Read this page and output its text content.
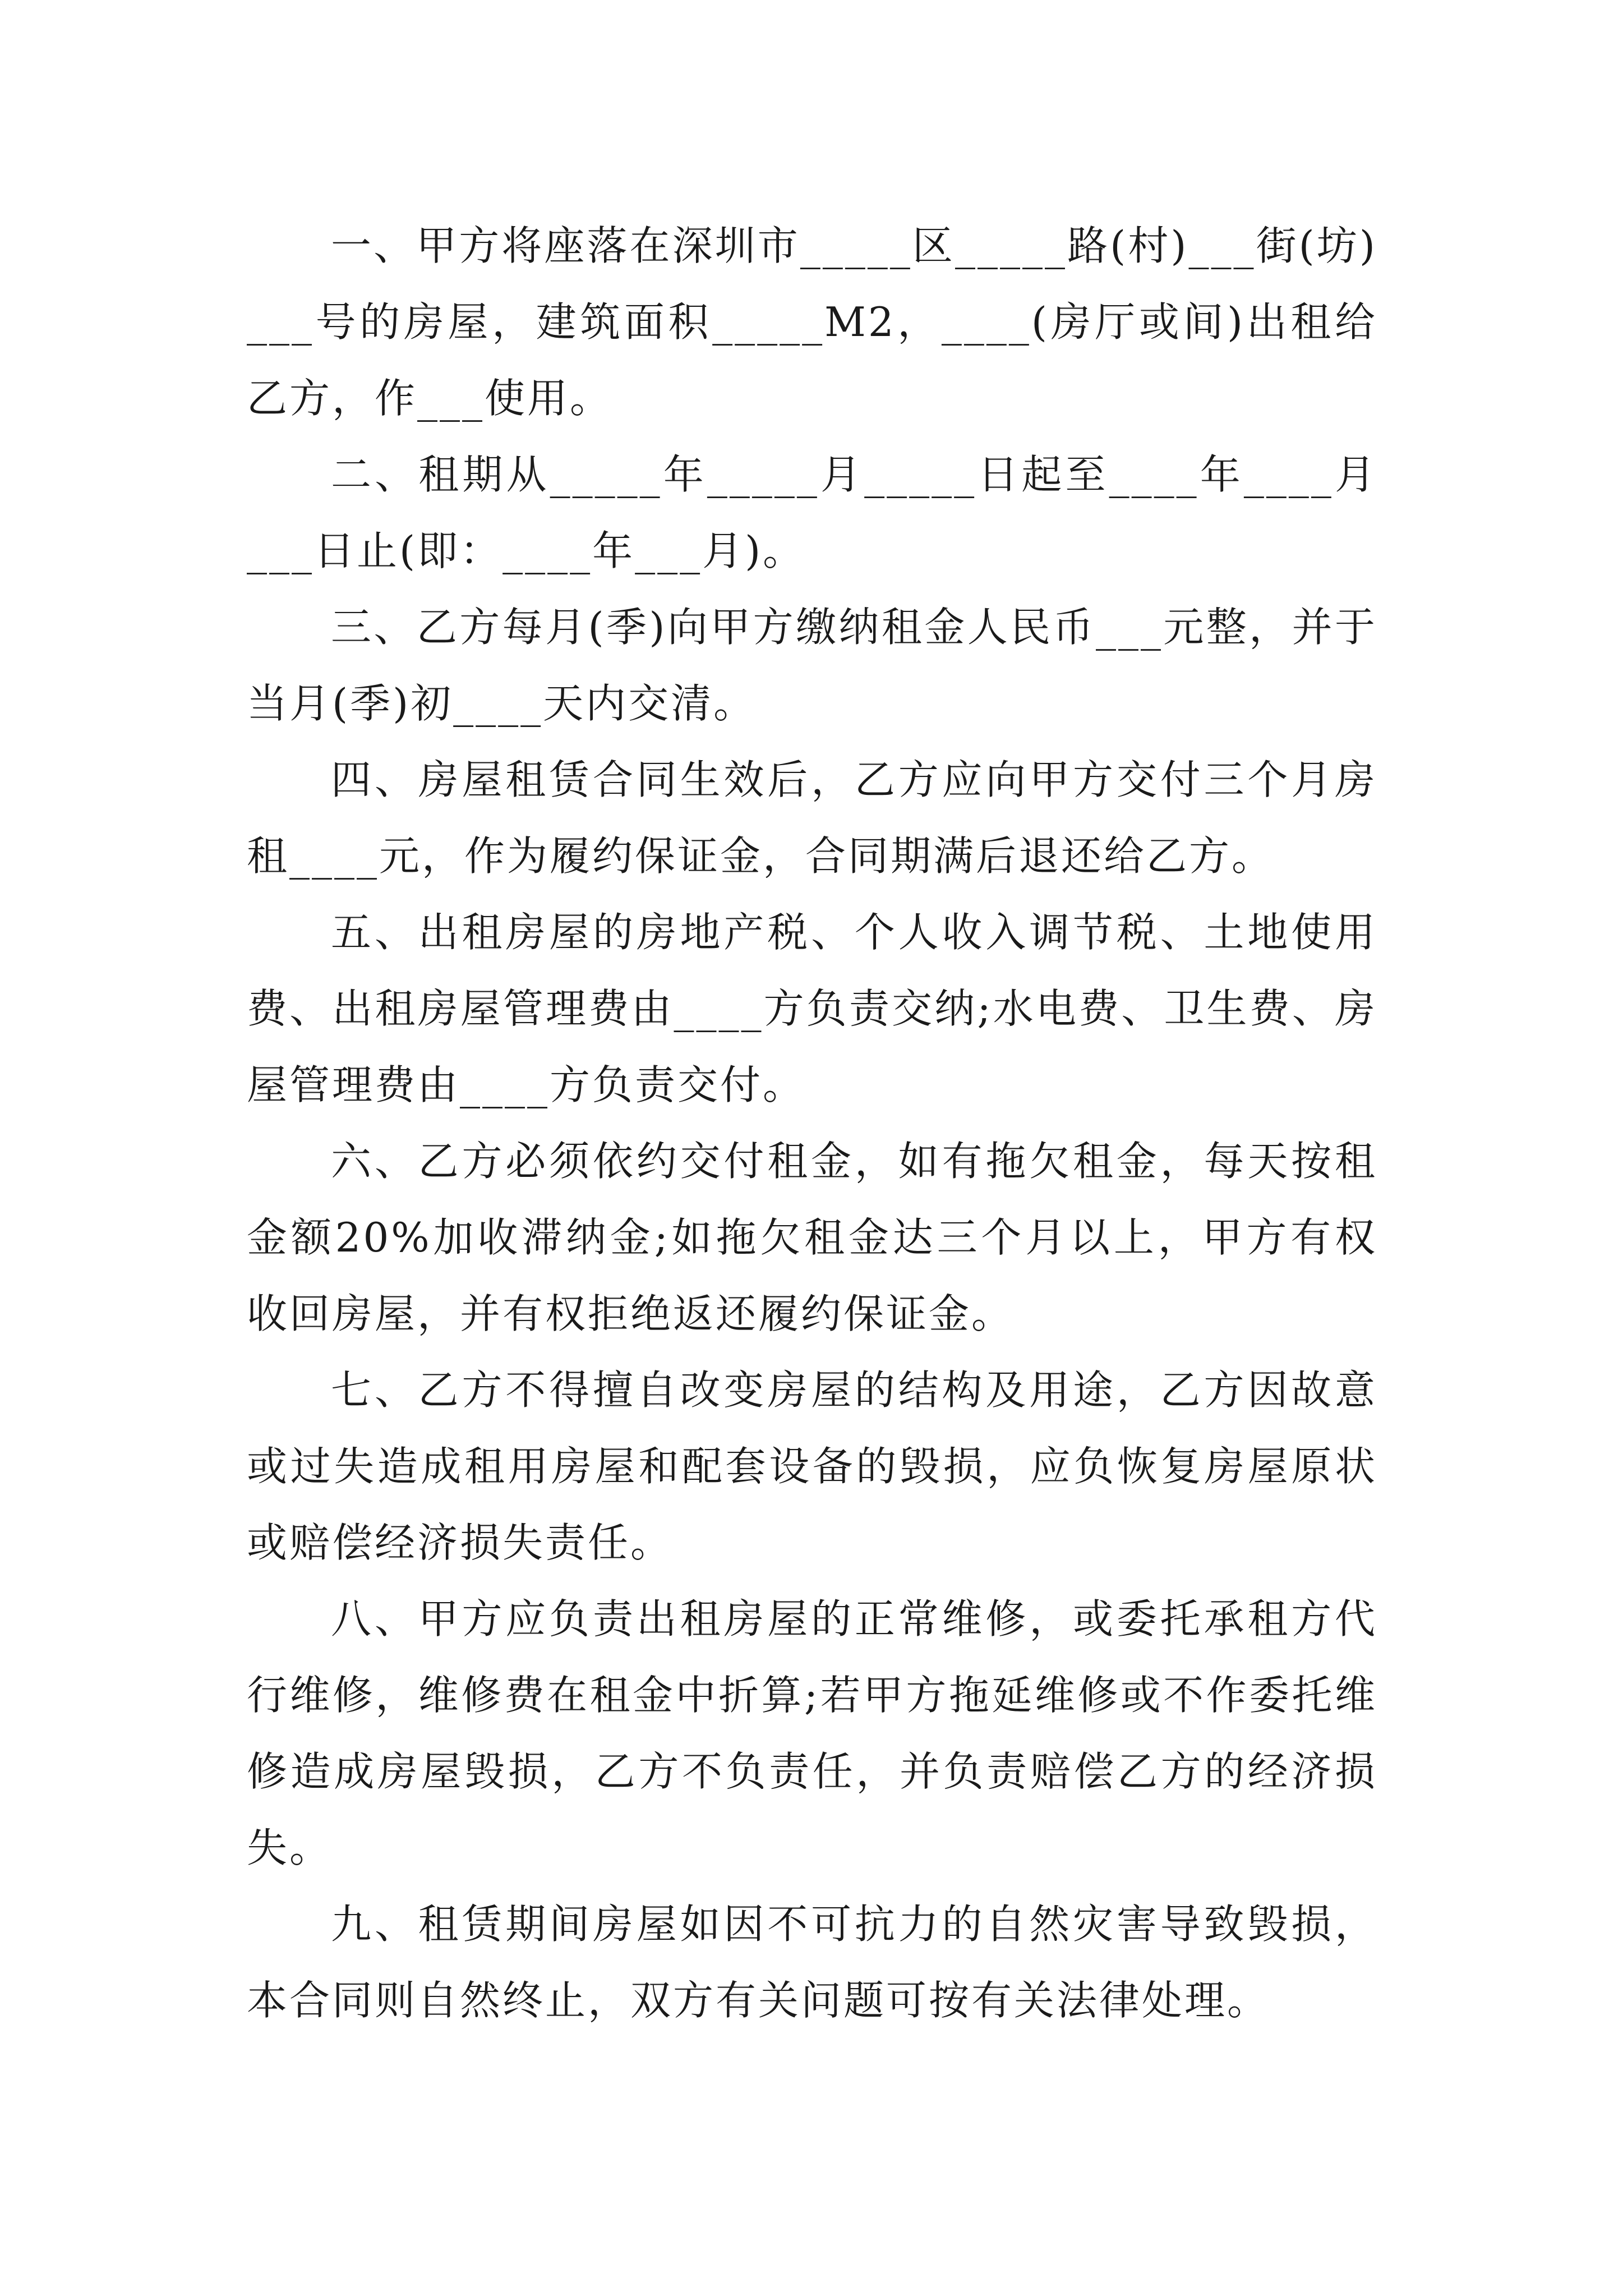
一、甲方将座落在深圳市_____区_____路(村)___街(坊)___号的房屋，建筑面积_____M2，____(房厅或间)出租给乙方，作___使用。

二、租期从_____年_____月_____日起至____年____月___日止(即：____年___月)。

三、乙方每月(季)向甲方缴纳租金人民币___元整，并于当月(季)初____天内交清。

四、房屋租赁合同生效后，乙方应向甲方交付三个月房租____元，作为履约保证金，合同期满后退还给乙方。

五、出租房屋的房地产税、个人收入调节税、土地使用费、出租房屋管理费由____方负责交纳;水电费、卫生费、房屋管理费由____方负责交付。

六、乙方必须依约交付租金，如有拖欠租金，每天按租金额20%加收滞纳金;如拖欠租金达三个月以上，甲方有权收回房屋，并有权拒绝返还履约保证金。

七、乙方不得擅自改变房屋的结构及用途，乙方因故意或过失造成租用房屋和配套设备的毁损，应负恢复房屋原状或赔偿经济损失责任。

八、甲方应负责出租房屋的正常维修，或委托承租方代行维修，维修费在租金中折算;若甲方拖延维修或不作委托维修造成房屋毁损，乙方不负责任，并负责赔偿乙方的经济损失。

九、租赁期间房屋如因不可抗力的自然灾害导致毁损，本合同则自然终止，双方有关问题可按有关法律处理。
